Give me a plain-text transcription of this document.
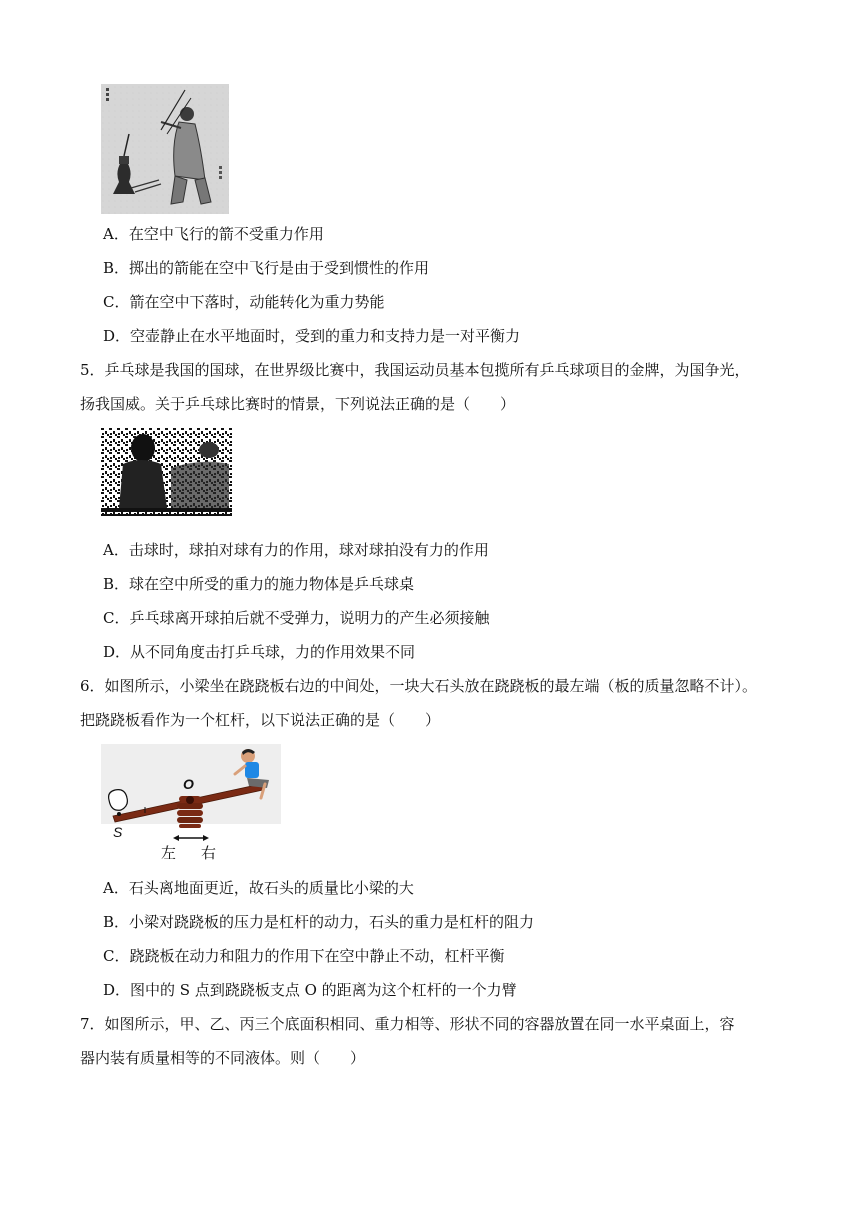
A．在空中飞行的箭不受重力作用
B．掷出的箭能在空中飞行是由于受到惯性的作用
C．箭在空中下落时，动能转化为重力势能
D．空壶静止在水平地面时，受到的重力和支持力是一对平衡力
5．乒乓球是我国的国球，在世界级比赛中，我国运动员基本包揽所有乒乓球项目的金牌，为国争光，
扬我国威。关于乒乓球比赛时的情景，下列说法正确的是（　　）
A．击球时，球拍对球有力的作用，球对球拍没有力的作用
B．球在空中所受的重力的施力物体是乒乓球桌
C．乒乓球离开球拍后就不受弹力，说明力的产生必须接触
D．从不同角度击打乒乓球，力的作用效果不同
6．如图所示，小梁坐在跷跷板右边的中间处，一块大石头放在跷跷板的最左端（板的质量忽略不计）。
把跷跷板看作为一个杠杆，以下说法正确的是（　　）
O
S
左 右
A．石头离地面更近，故石头的质量比小梁的大
B．小梁对跷跷板的压力是杠杆的动力，石头的重力是杠杆的阻力
C．跷跷板在动力和阻力的作用下在空中静止不动，杠杆平衡
D．图中的 S 点到跷跷板支点 O 的距离为这个杠杆的一个力臂
7．如图所示，甲、乙、丙三个底面积相同、重力相等、形状不同的容器放置在同一水平桌面上，容
器内装有质量相等的不同液体。则（　　）
